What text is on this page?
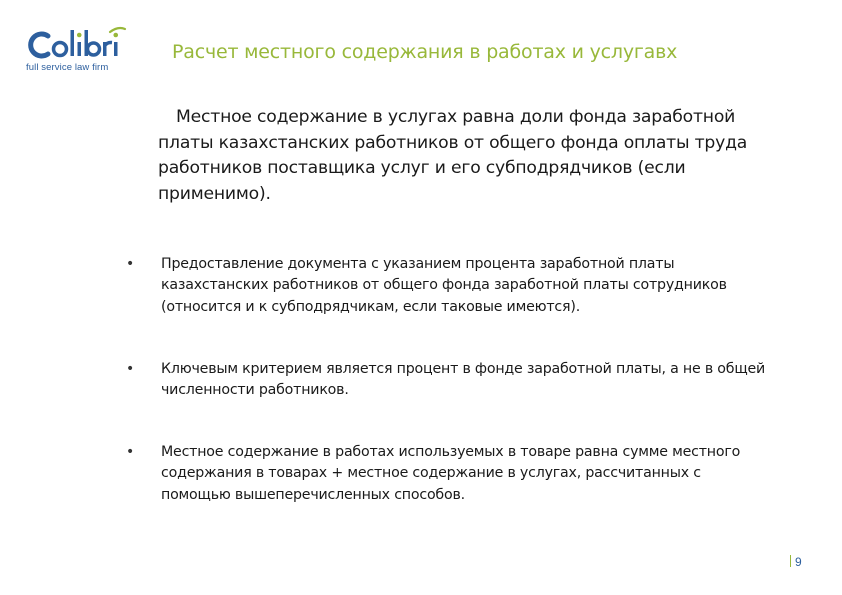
full service law firm
Расчет местного содержания в работах и услугавх

Местное содержание в услугах равна доли фонда заработной платы казахстанских работников от общего фонда оплаты труда работников поставщика услуг и его субподрядчиков (если применимо).

• Предоставление документа с указанием процента заработной платы казахстанских работников от общего фонда заработной платы сотрудников (относится и к субподрядчикам, если таковые имеются).
• Ключевым критерием является процент в фонде заработной платы, а не в общей численности работников.
• Местное содержание в работах используемых в товаре равна сумме местного содержания в товарах + местное содержание в услугах, рассчитанных с помощью вышеперечисленных способов.
9
